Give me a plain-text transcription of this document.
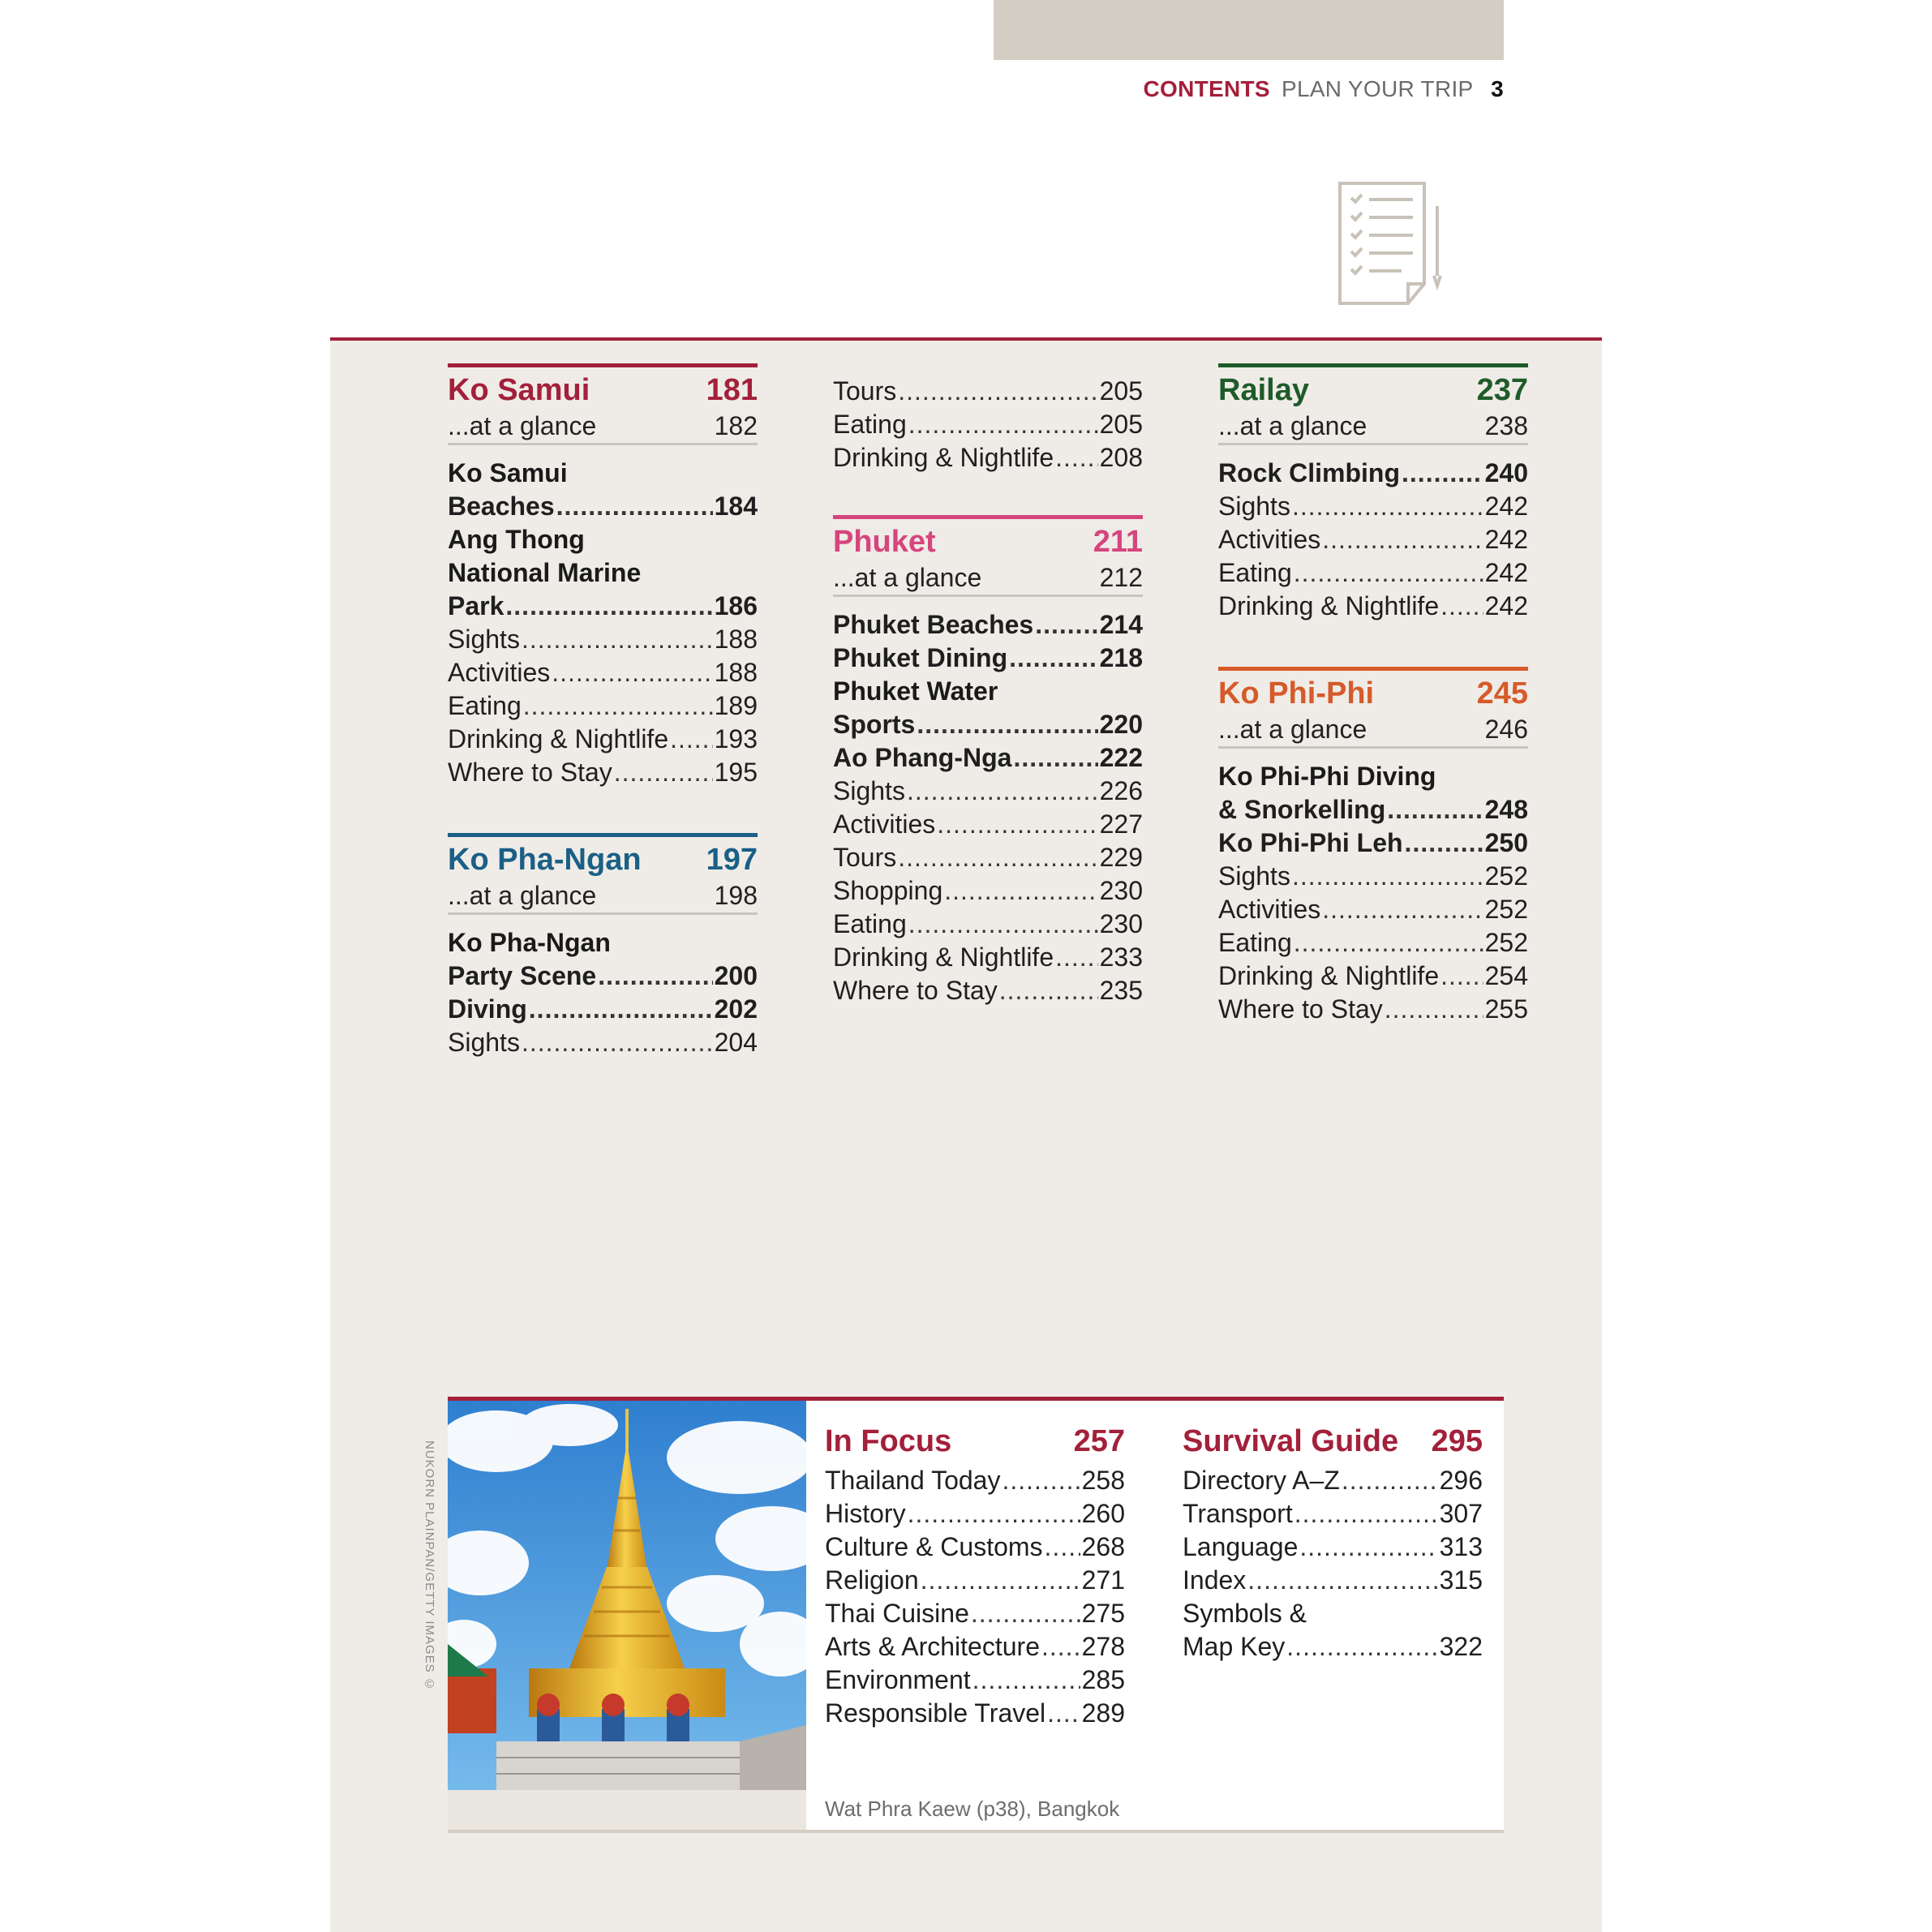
CONTENTS PLAN YOUR TRIP 3
Ko Samui	181
...at a glance	182
Ko Samui
Beaches .....	184
Ang Thong
National Marine
Park .....	186
Sights .....	188
Activities .....	188
Eating .....	189
Drinking & Nightlife ..... 193
Where to Stay .....	195
Ko Pha-Ngan 197
...at a glance	198
Ko Pha-Ngan
Party Scene .....	200
Diving .....	202
Sights .....	204
Tours .....	205
Eating .....	205
Drinking & Nightlife ..... 208
Phuket	211
...at a glance	212
Phuket Beaches .....	214
Phuket Dining .....	218
Phuket Water
Sports .....	220
Ao Phang-Nga .....	222
Sights .....	226
Activities .....	227
Tours .....	229
Shopping .....	230
Eating .....	230
Drinking & Nightlife ..... 233
Where to Stay .....	235
Railay	237
...at a glance	238
Rock Climbing .....	240
Sights .....	242
Activities .....	242
Eating .....	242
Drinking & Nightlife ..... 242
Ko Phi-Phi	245
...at a glance	246
Ko Phi-Phi Diving
& Snorkelling .....	248
Ko Phi-Phi Leh .....	250
Sights .....	252
Activities .....	252
Eating .....	252
Drinking & Nightlife ..... 254
Where to Stay .....	255
NUKORN PLAINPAN/GETTY IMAGES ©	In Focus	257
Thailand Today .....	258
History .....	260
Culture & Customs ..... 268
Religion .....	271
Thai Cuisine .....	275
Arts & Architecture ..... 278
Environment .....	285
Responsible Travel ..... 289
Survival Guide 295
Directory A–Z .....	296
Transport .....	307
Language .....	313
Index .....	315
Symbols &
Map Key .....	322
Wat Phra Kaew (p38), Bangkok
